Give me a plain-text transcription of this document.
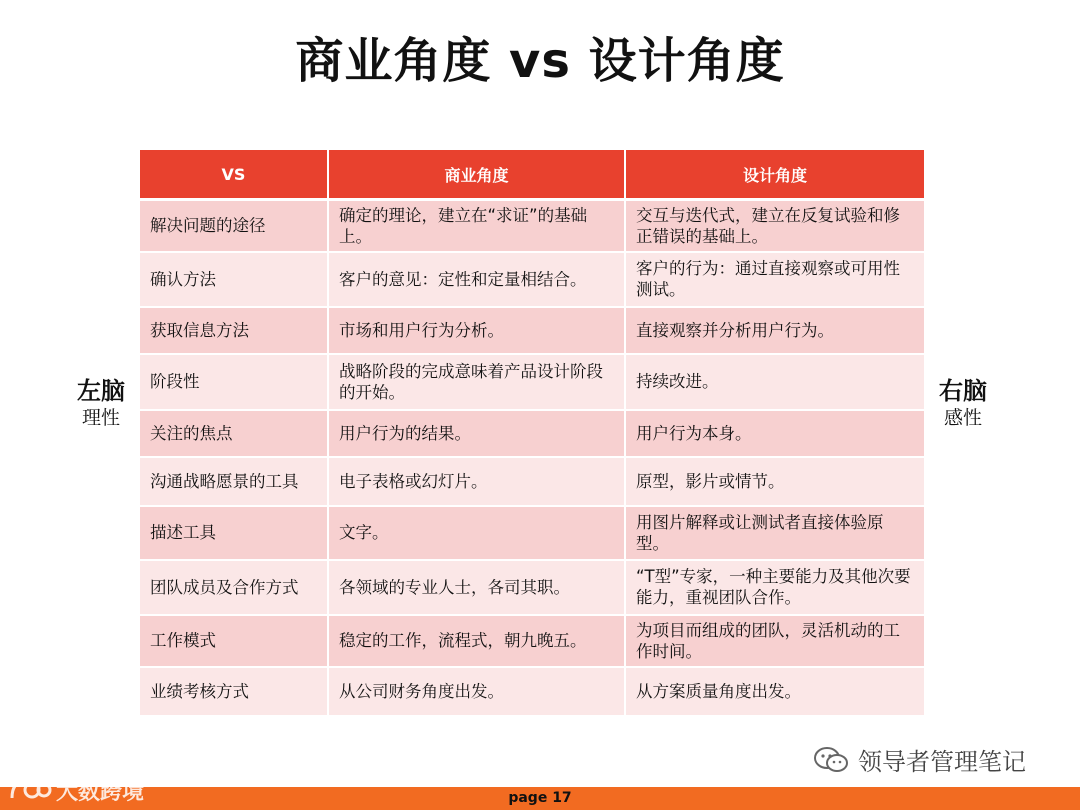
商业角度 vs 设计角度
左脑
理性
右脑
感性
VS	商业角度	设计角度
解决问题的途径	确定的理论，建立在“求证”的基础上。	交互与迭代式，建立在反复试验和修正错误的基础上。
确认方法	客户的意见：定性和定量相结合。	客户的行为：通过直接观察或可用性测试。
获取信息方法	市场和用户行为分析。	直接观察并分析用户行为。
阶段性	战略阶段的完成意味着产品设计阶段的开始。	持续改进。
关注的焦点	用户行为的结果。	用户行为本身。
沟通战略愿景的工具	电子表格或幻灯片。	原型，影片或情节。
描述工具	文字。	用图片解释或让测试者直接体验原型。
团队成员及合作方式	各领域的专业人士，各司其职。	“T型”专家，一种主要能力及其他次要能力，重视团队合作。
工作模式	稳定的工作，流程式，朝九晚五。	为项目而组成的团队，灵活机动的工作时间。
业绩考核方式	从公司财务角度出发。	从方案质量角度出发。
领导者管理笔记
page 17
大数跨境
